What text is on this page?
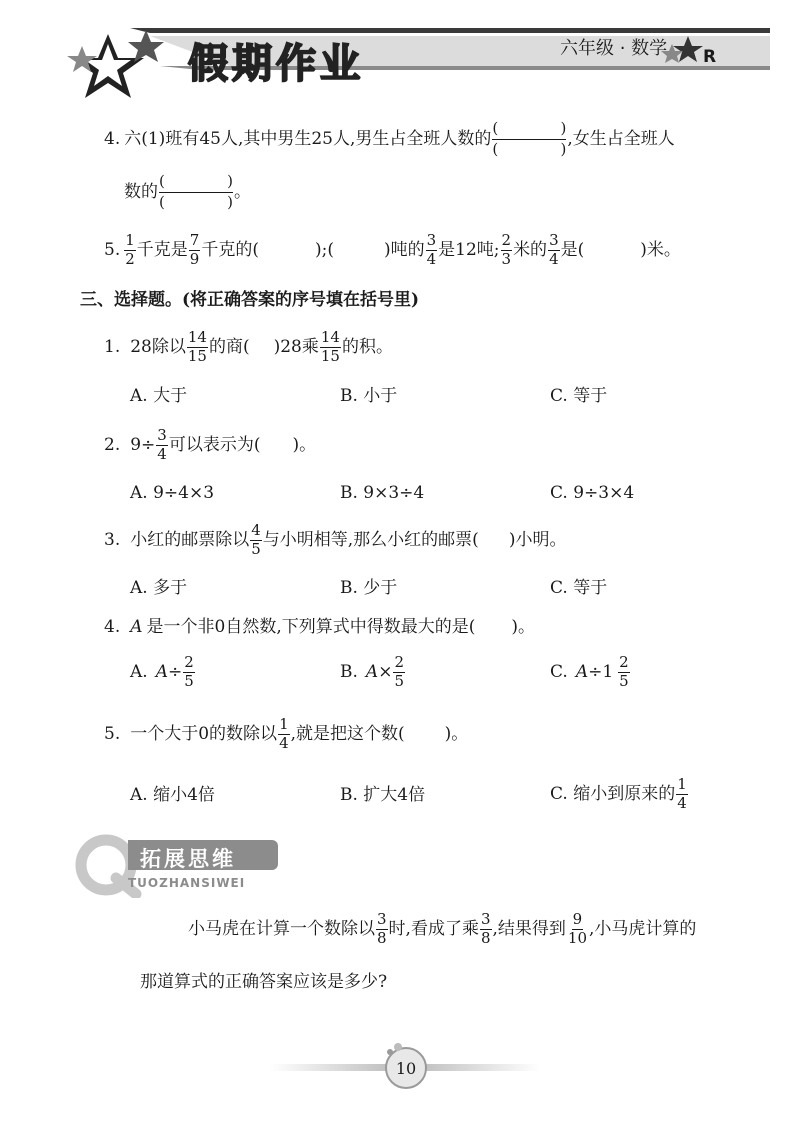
假期作业	六年级 · 数学 R
4. 六(1)班有45人,其中男生25人,男生占全班人数的 (	)
(	) ,女生占全班人
数的 (	)
(	) 。
5. $\frac{1}{2}$ 千克是 $\frac{7}{9}$ 千克的(	);(	)吨的 $\frac{3}{4}$ 是12吨; $\frac{2}{3}$ 米的 $\frac{3}{4}$ 是(	)米。
三、选择题。(将正确答案的序号填在括号里)
1. 28除以 $\frac{14}{15}$ 的商( )28乘 $\frac{14}{15}$ 的积。
A. 大于	B. 小于	C. 等于
2. $9\div \frac{3}{4}$ 可以表示为( )。
A. 9÷4×3	B. 9×3÷4	C. 9÷3×4
3. 小红的邮票除以 $\frac{4}{5}$ 与小明相等,那么小红的邮票( )小明。
A. 多于	B. 少于	C. 等于
4. A 是一个非0自然数,下列算式中得数最大的是( )。
A. $A \div \frac{2}{5}$	B. $A \times \frac{2}{5}$	C. $A \div 1 \frac{2}{5}$
5. 一个大于0的数除以 $\frac{1}{4}$ ,就是把这个数( )。
A. 缩小4倍	B. 扩大4倍	C. 缩小到原来的 $\frac{1}{4}$
拓展思维
TUOZHANSIWEI
小马虎在计算一个数除以 $\frac{3}{8}$ 时,看成了乘 $\frac{3}{8}$ ,结果得到 $\frac{9}{10}$ ,小马虎计算的
那道算式的正确答案应该是多少?
10
